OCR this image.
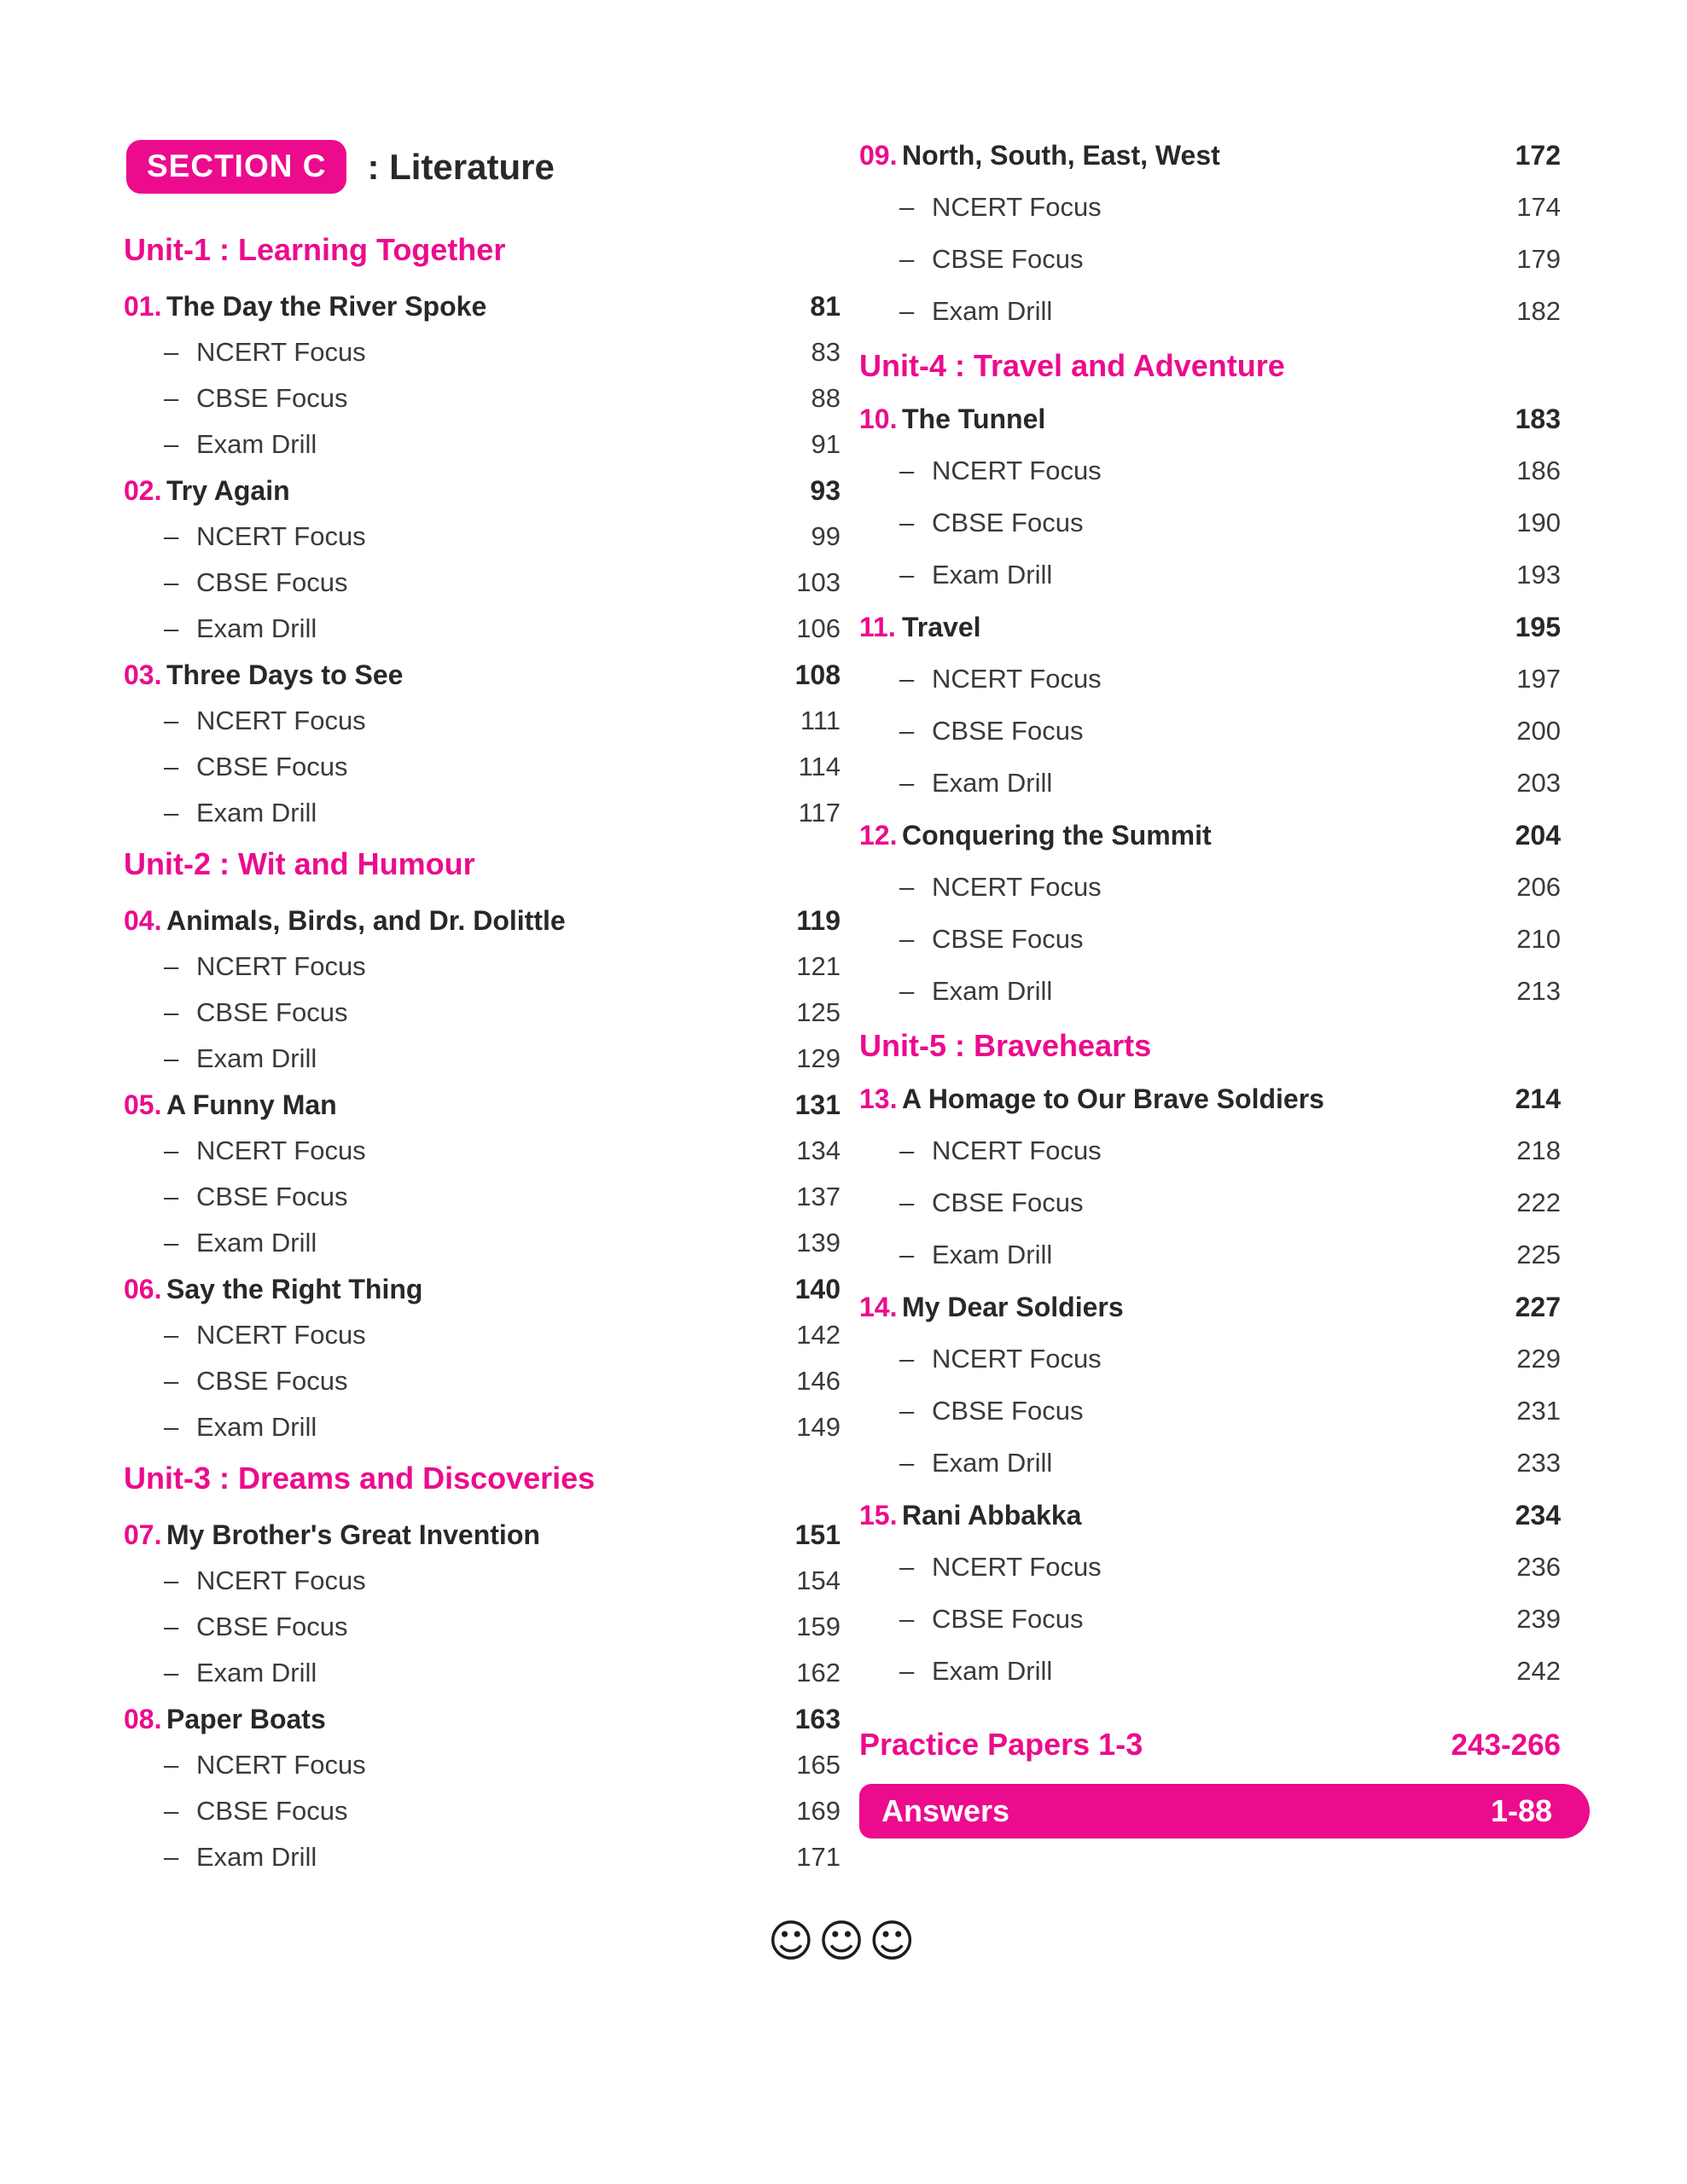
SECTION C	: Literature
Unit-1 : Learning Together
01. The Day the River Spoke	81
– NCERT Focus	83
– CBSE Focus	88
– Exam Drill	91
02. Try Again	93
– NCERT Focus	99
– CBSE Focus	103
– Exam Drill	106
03. Three Days to See	108
– NCERT Focus	111
– CBSE Focus	114
– Exam Drill	117
Unit-2 : Wit and Humour
04. Animals, Birds, and Dr. Dolittle	119
– NCERT Focus	121
– CBSE Focus	125
– Exam Drill	129
05. A Funny Man	131
– NCERT Focus	134
– CBSE Focus	137
– Exam Drill	139
06. Say the Right Thing	140
– NCERT Focus	142
– CBSE Focus	146
– Exam Drill	149
Unit-3 : Dreams and Discoveries
07. My Brother's Great Invention	151
– NCERT Focus	154
– CBSE Focus	159
– Exam Drill	162
08. Paper Boats	163
– NCERT Focus	165
– CBSE Focus	169
– Exam Drill	171
09. North, South, East, West	172
– NCERT Focus	174
– CBSE Focus	179
– Exam Drill	182
Unit-4 : Travel and Adventure
10. The Tunnel	183
– NCERT Focus	186
– CBSE Focus	190
– Exam Drill	193
11. Travel	195
– NCERT Focus	197
– CBSE Focus	200
– Exam Drill	203
12. Conquering the Summit	204
– NCERT Focus	206
– CBSE Focus	210
– Exam Drill	213
Unit-5 : Bravehearts
13. A Homage to Our Brave Soldiers	214
– NCERT Focus	218
– CBSE Focus	222
– Exam Drill	225
14. My Dear Soldiers	227
– NCERT Focus	229
– CBSE Focus	231
– Exam Drill	233
15. Rani Abbakka	234
– NCERT Focus	236
– CBSE Focus	239
– Exam Drill	242
Practice Papers 1-3	243-266
Answers	1-88
☺☺☺
